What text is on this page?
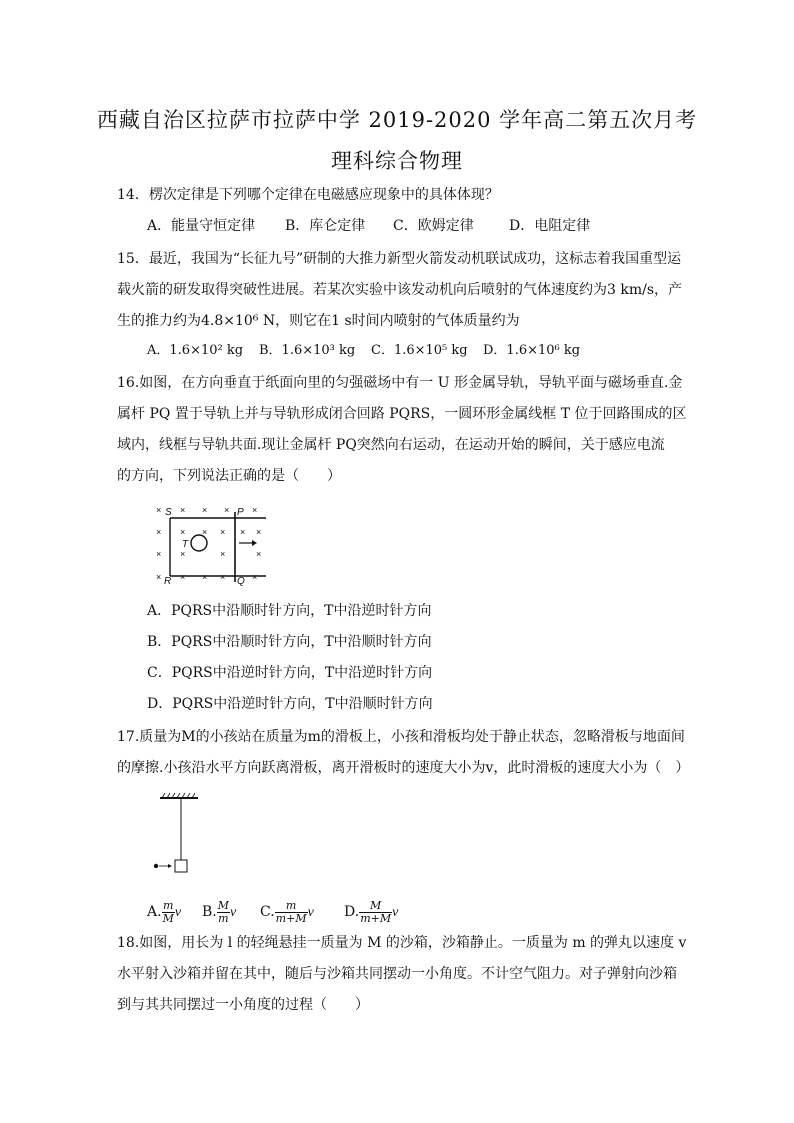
西藏自治区拉萨市拉萨中学 2019-2020 学年高二第五次月考
理科综合物理
14．楞次定律是下列哪个定律在电磁感应现象中的具体体现？
A．能量守恒定律 B．库仑定律 C．欧姆定律	D．电阻定律
15．最近，我国为“长征九号”研制的大推力新型火箭发动机联试成功，这标志着我国重型运
载火箭的研发取得突破性进展。若某次实验中该发动机向后喷射的气体速度约为3 km/s，产
生的推力约为4.8×10⁶ N，则它在1 s时间内喷射的气体质量约为
A．1.6×10² kg B．1.6×10³ kg C．1.6×10⁵ kg D．1.6×10⁶ kg
16.如图，在方向垂直于纸面向里的匀强磁场中有一 U 形金属导轨，导轨平面与磁场垂直.金
属杆 PQ 置于导轨上并与导轨形成闭合回路 PQRS，一圆环形金属线框 T 位于回路围成的区
域内，线框与导轨共面.现让金属杆 PQ突然向右运动，在运动开始的瞬间，关于感应电流
的方向，下列说法正确的是（　　）
× × × ×	×
× × × × × ×
× ×	×	×
× × × ×	×
S	P
T
R	Q
A．PQRS中沿顺时针方向，T中沿逆时针方向
B．PQRS中沿顺时针方向，T中沿顺时针方向
C．PQRS中沿逆时针方向，T中沿逆时针方向
D．PQRS中沿逆时针方向，T中沿顺时针方向
17.质量为M的小孩站在质量为m的滑板上，小孩和滑板均处于静止状态，忽略滑板与地面间
的摩擦.小孩沿水平方向跃离滑板，离开滑板时的速度大小为v，此时滑板的速度大小为（　）
A. $\frac{m}{M}$ v B. $\frac{M}{m}$ v C. $\frac{m}{m+M}$ v D. $\frac{M}{m+M}$ v
18.如图，用长为 l 的轻绳悬挂一质量为 M 的沙箱，沙箱静止。一质量为 m 的弹丸以速度 v
水平射入沙箱并留在其中，随后与沙箱共同摆动一小角度。不计空气阻力。对子弹射向沙箱
到与其共同摆过一小角度的过程（　　）
